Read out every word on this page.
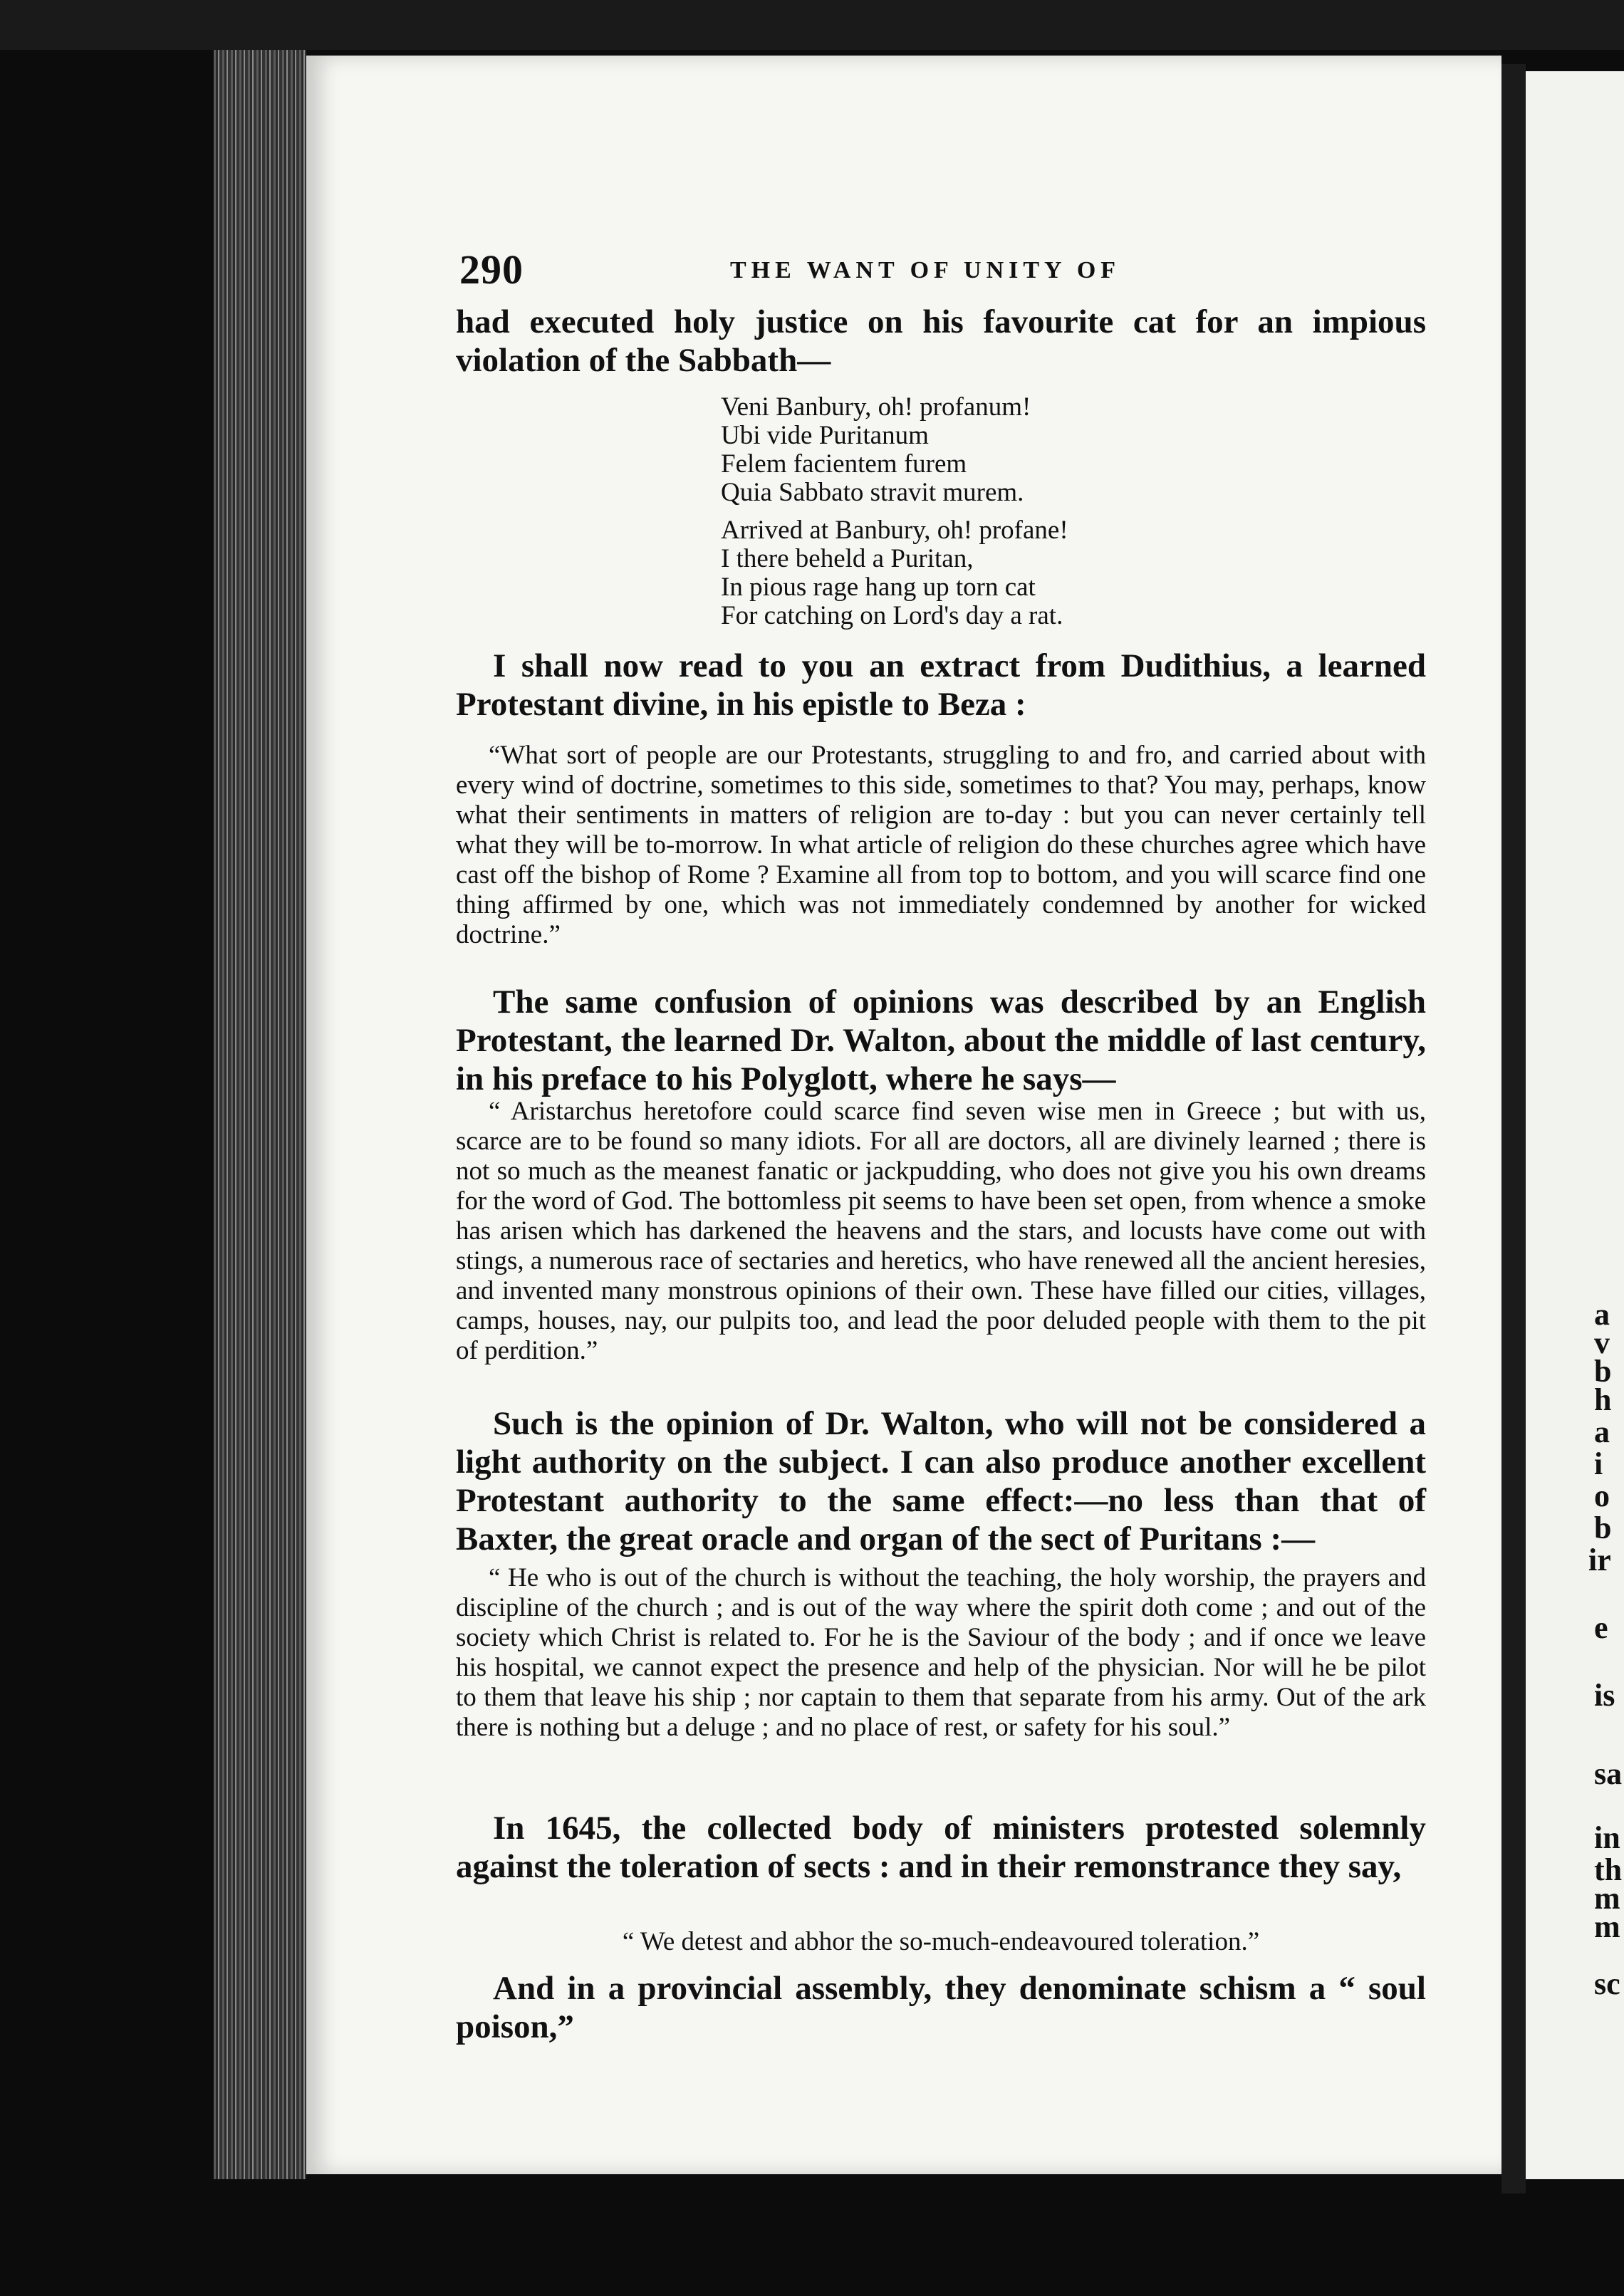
a
v
b
h
a
i
o
b
ir
e
is
sa
in
th
m
m
sc
290	THE WANT OF UNITY OF

had executed holy justice on his favourite cat for an impious violation of the Sabbath—

Veni Banbury, oh! profanum!
Ubi vide Puritanum
Felem facientem furem
Quia Sabbato stravit murem.
Arrived at Banbury, oh! profane!
I there beheld a Puritan,
In pious rage hang up torn cat
For catching on Lord's day a rat.

I shall now read to you an extract from Dudithius, a learned Protestant divine, in his epistle to Beza :

“What sort of people are our Protestants, struggling to and fro, and carried about with every wind of doctrine, sometimes to this side, sometimes to that? You may, perhaps, know what their sentiments in matters of religion are to-day : but you can never certainly tell what they will be to-morrow. In what article of religion do these churches agree which have cast off the bishop of Rome ? Examine all from top to bottom, and you will scarce find one thing affirmed by one, which was not immediately condemned by another for wicked doctrine.”

The same confusion of opinions was described by an English Protestant, the learned Dr. Walton, about the middle of last century, in his preface to his Polyglott, where he says—

“ Aristarchus heretofore could scarce find seven wise men in Greece ; but with us, scarce are to be found so many idiots. For all are doctors, all are divinely learned ; there is not so much as the meanest fanatic or jackpudding, who does not give you his own dreams for the word of God. The bottomless pit seems to have been set open, from whence a smoke has arisen which has darkened the heavens and the stars, and locusts have come out with stings, a numerous race of sectaries and heretics, who have renewed all the ancient heresies, and invented many monstrous opinions of their own. These have filled our cities, villages, camps, houses, nay, our pulpits too, and lead the poor deluded people with them to the pit of perdition.”

Such is the opinion of Dr. Walton, who will not be considered a light authority on the subject. I can also produce another excellent Protestant authority to the same effect:—no less than that of Baxter, the great oracle and organ of the sect of Puritans :—

“ He who is out of the church is without the teaching, the holy worship, the prayers and discipline of the church ; and is out of the way where the spirit doth come ; and out of the society which Christ is related to. For he is the Saviour of the body ; and if once we leave his hospital, we cannot expect the presence and help of the physician. Nor will he be pilot to them that leave his ship ; nor captain to them that separate from his army. Out of the ark there is nothing but a deluge ; and no place of rest, or safety for his soul.”

In 1645, the collected body of ministers protested solemnly against the toleration of sects : and in their remonstrance they say,

“ We detest and abhor the so-much-endeavoured toleration.”

And in a provincial assembly, they denominate schism a “ soul poison,”
